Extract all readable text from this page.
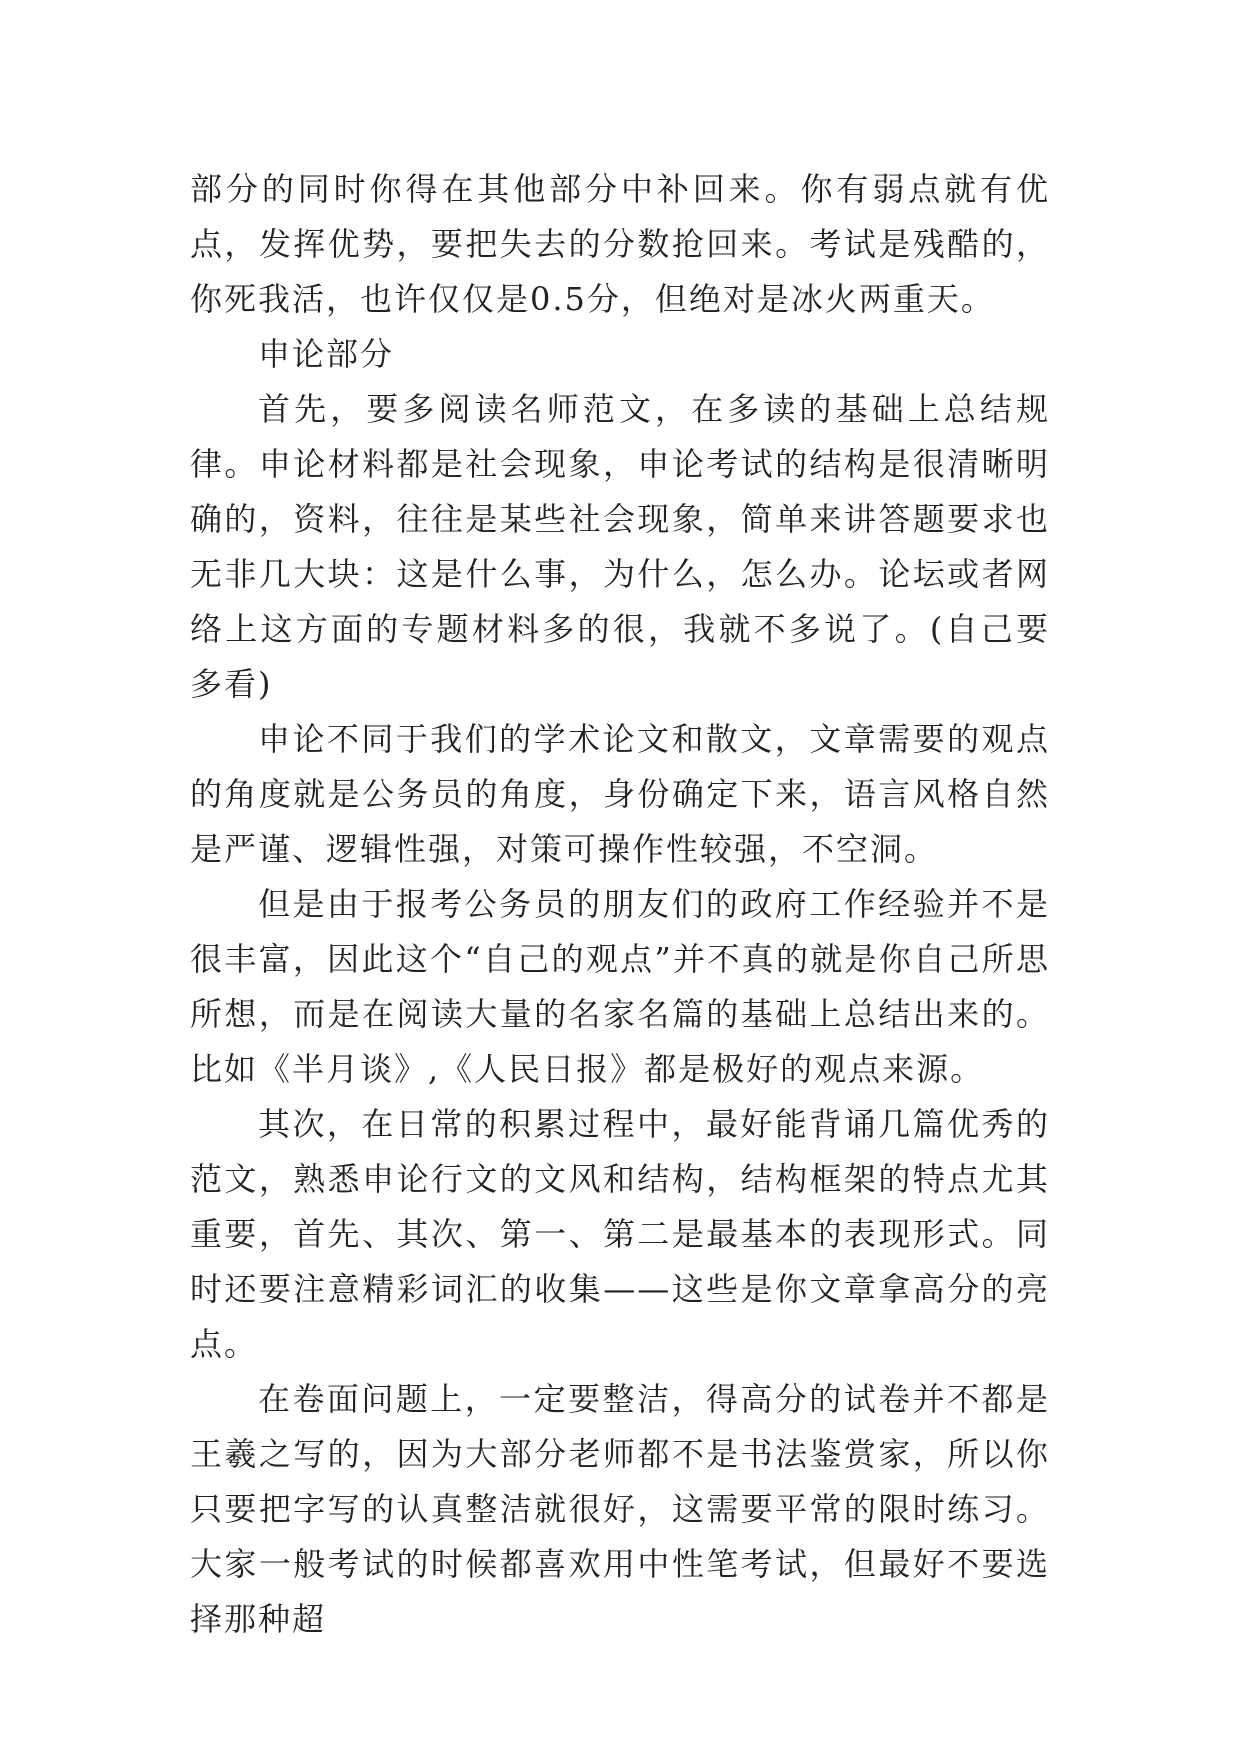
部分的同时你得在其他部分中补回来。你有弱点就有优点，发挥优势，要把失去的分数抢回来。考试是残酷的，你死我活，也许仅仅是0.5分，但绝对是冰火两重天。

申论部分

首先，要多阅读名师范文，在多读的基础上总结规律。申论材料都是社会现象，申论考试的结构是很清晰明确的，资料，往往是某些社会现象，简单来讲答题要求也无非几大块：这是什么事，为什么，怎么办。论坛或者网络上这方面的专题材料多的很，我就不多说了。(自己要多看)

申论不同于我们的学术论文和散文，文章需要的观点的角度就是公务员的角度，身份确定下来，语言风格自然是严谨、逻辑性强，对策可操作性较强，不空洞。

但是由于报考公务员的朋友们的政府工作经验并不是很丰富，因此这个“自己的观点”并不真的就是你自己所思所想，而是在阅读大量的名家名篇的基础上总结出来的。比如《半月谈》,《人民日报》都是极好的观点来源。

其次，在日常的积累过程中，最好能背诵几篇优秀的范文，熟悉申论行文的文风和结构，结构框架的特点尤其重要，首先、其次、第一、第二是最基本的表现形式。同时还要注意精彩词汇的收集——这些是你文章拿高分的亮点。

在卷面问题上，一定要整洁，得高分的试卷并不都是王羲之写的，因为大部分老师都不是书法鉴赏家，所以你只要把字写的认真整洁就很好，这需要平常的限时练习。大家一般考试的时候都喜欢用中性笔考试，但最好不要选择那种超
